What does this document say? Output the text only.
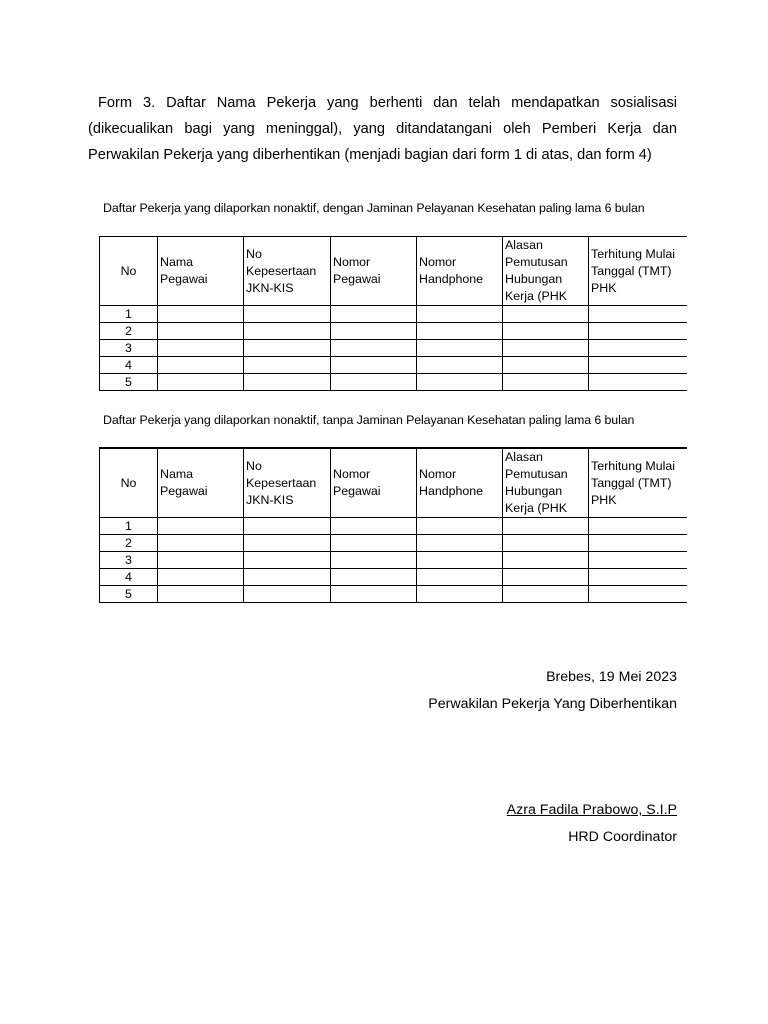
Form 3. Daftar Nama Pekerja yang berhenti dan telah mendapatkan sosialisasi (dikecualikan bagi yang meninggal), yang ditandatangani oleh Pemberi Kerja dan Perwakilan Pekerja yang diberhentikan (menjadi bagian dari form 1 di atas, dan form 4)

Daftar Pekerja yang dilaporkan nonaktif, dengan Jaminan Pelayanan Kesehatan paling lama 6 bulan
No	Nama Pegawai	No Kepesertaan JKN-KIS	Nomor Pegawai	Nomor Handphone	Alasan Pemutusan Hubungan Kerja (PHK	Terhitung Mulai Tanggal (TMT) PHK
1						
2						
3						
4						
5						
Daftar Pekerja yang dilaporkan nonaktif, tanpa Jaminan Pelayanan Kesehatan paling lama 6 bulan
No	Nama Pegawai	No Kepesertaan JKN-KIS	Nomor Pegawai	Nomor Handphone	Alasan Pemutusan Hubungan Kerja (PHK	Terhitung Mulai Tanggal (TMT) PHK
1						
2						
3						
4						
5						
Brebes, 19 Mei 2023
Perwakilan Pekerja Yang Diberhentikan
Azra Fadila Prabowo, S.I.P
HRD Coordinator
